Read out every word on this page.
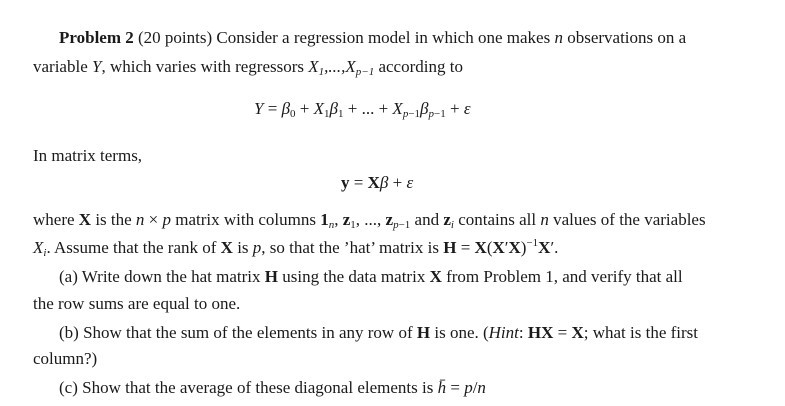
Problem 2 (20 points) Consider a regression model in which one makes n observations on a
variable Y, which varies with regressors $X_1,...,X_{p-1}$ according to
$Y = \beta_0 + X_1\beta_1$ + ... + $X_{p-1}\beta_{p-1} + \varepsilon$
In matrix terms,
y = Xβ + ε
where X is the n × p matrix with columns $1_n$, $z_1$, ..., $z_{p-1}$ and $z_i$ contains all n values of the variables
$X_i$. Assume that the rank of X is p, so that the ’hat’ matrix is $H = X(X'X)^{-1}X'$.
(a) Write down the hat matrix H using the data matrix X from Problem 1, and verify that all
the row sums are equal to one.
(b) Show that the sum of the elements in any row of H is one. (Hint: HX = X; what is the first
column?)
(c) Show that the average of these diagonal elements is h̄ = p/n
